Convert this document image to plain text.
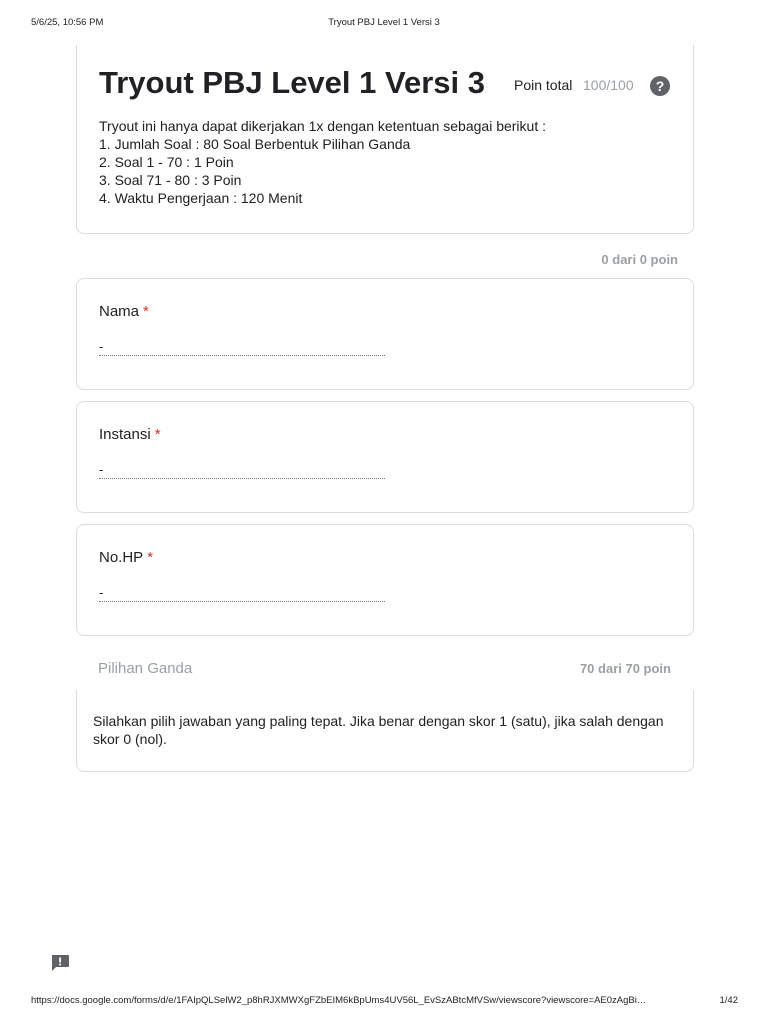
5/6/25, 10:56 PM	Tryout PBJ Level 1 Versi 3
Tryout PBJ Level 1 Versi 3 Poin total 100/100	?
Tryout ini hanya dapat dikerjakan 1x dengan ketentuan sebagai berikut :
1. Jumlah Soal : 80 Soal Berbentuk Pilihan Ganda
2. Soal 1 - 70 : 1 Poin
3. Soal 71 - 80 : 3 Poin
4. Waktu Pengerjaan : 120 Menit
0 dari 0 poin
Nama *
-
Instansi *
-
No.HP *
-
Pilihan Ganda	70 dari 70 poin
Silahkan pilih jawaban yang paling tepat. Jika benar dengan skor 1 (satu), jika salah dengan skor 0 (nol).
https://docs.google.com/forms/d/e/1FAIpQLSelW2_p8hRJXMWXgFZbEIM6kBpUms4UV56L_EvSzABtcMfVSw/viewscore?viewscore=AE0zAgBi…	1/42
